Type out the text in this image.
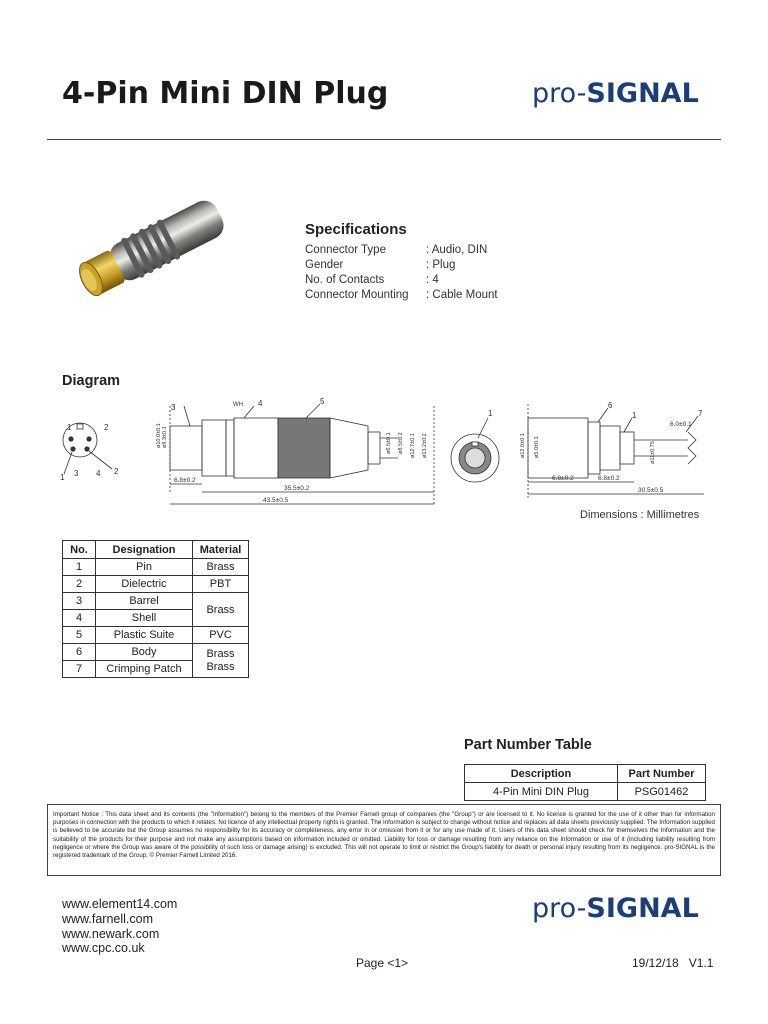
4-Pin Mini DIN Plug	pro-SIGNAL
Specifications
Connector Type	: Audio, DIN
Gender	: Plug
No. of Contacts	: 4
Connector Mounting	: Cable Mount
Diagram
1	2
3 4
1
2
6.8±0.2
35.5±0.2
43.5±0.5
ø10.0±0.1 ø9.3±0.1	ø6.5±0.1 ø8.5±0.2 ø12.7±0.1 ø13.2±0.2
3	WH 4	5
1
6.8±0.2	6.8±0.2
30.5±0.5
6.0±0.1
ø12.0±0.1 ø5.0±0.1	ø11±0.75
6
1	7
Dimensions : Millimetres
No.	Designation	Material
1	Pin	Brass
2	Dielectric	PBT
3	Barrel	Brass
4	Shell	
5	Plastic Suite	PVC
6	Body	Brass
Brass
7	Crimping Patch	
Part Number Table
Description	Part Number
4-Pin Mini DIN Plug	PSG01462
Important Notice : This data sheet and its contents (the "Information") belong to the members of the Premier Farnell group of companies (the "Group") or are licensed to it. No licence is granted for the use of it other than for information purposes in connection with the products to which it relates. No licence of any intellectual property rights is granted. The Information is subject to change without notice and replaces all data sheets previously supplied. The Information supplied is believed to be accurate but the Group assumes no responsibility for its accuracy or completeness, any error in or omission from it or for any use made of it. Users of this data sheet should check for themselves the Information and the suitability of the products for their purpose and not make any assumptions based on information included or omitted. Liability for loss or damage resulting from any reliance on the Information or use of it (including liability resulting from negligence or where the Group was aware of the possibility of such loss or damage arising) is excluded. This will not operate to limit or restrict the Group's liability for death or personal injury resulting from its negligence. pro-SIGNAL is the registered trademark of the Group. © Premier Farnell Limited 2016.
www.element14.com
www.farnell.com
www.newark.com
www.cpc.co.uk
pro-SIGNAL
Page <1>	19/12/18   V1.1
